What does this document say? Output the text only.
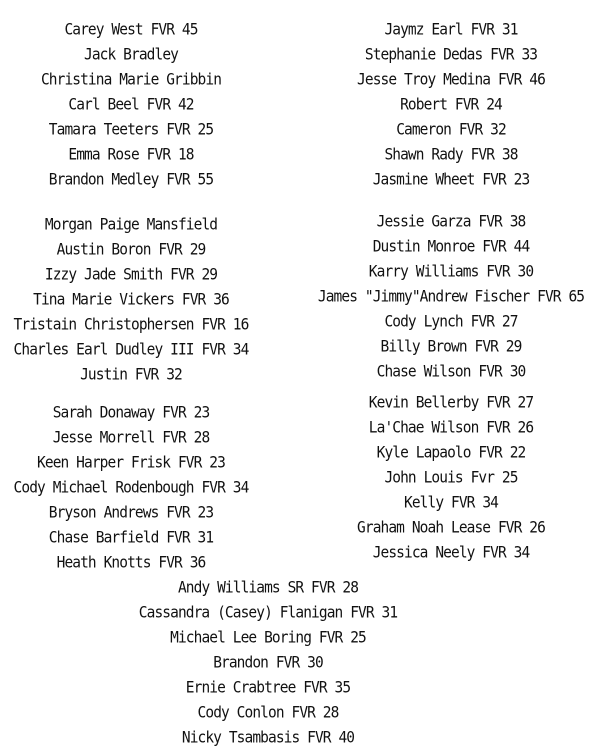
Carey West FVR 45
Jack Bradley
Christina Marie Gribbin
Carl Beel FVR 42
Tamara Teeters FVR 25
Emma Rose FVR 18
Brandon Medley FVR 55
Morgan Paige Mansfield
Austin Boron FVR 29
Izzy Jade Smith FVR 29
Tina Marie Vickers FVR 36
Tristain Christophersen FVR 16
Charles Earl Dudley III FVR 34
Justin FVR 32
Sarah Donaway FVR 23
Jesse Morrell FVR 28
Keen Harper Frisk FVR 23
Cody Michael Rodenbough FVR 34
Bryson Andrews FVR 23
Chase Barfield FVR 31
Heath Knotts FVR 36
Jaymz Earl FVR 31
Stephanie Dedas FVR 33
Jesse Troy Medina FVR 46
Robert FVR 24
Cameron FVR 32
Shawn Rady FVR 38
Jasmine Wheet FVR 23
Jessie Garza FVR 38
Dustin Monroe FVR 44
Karry Williams FVR 30
James "Jimmy"Andrew Fischer FVR 65
Cody Lynch FVR 27
Billy Brown FVR 29
Chase Wilson FVR 30
Kevin Bellerby FVR 27
La'Chae Wilson FVR 26
Kyle Lapaolo FVR 22
John Louis Fvr 25
Kelly FVR 34
Graham Noah Lease FVR 26
Jessica Neely FVR 34
Andy Williams SR FVR 28
Cassandra (Casey) Flanigan FVR 31
Michael Lee Boring FVR 25
Brandon FVR 30
Ernie Crabtree FVR 35
Cody Conlon FVR 28
Nicky Tsambasis FVR 40
